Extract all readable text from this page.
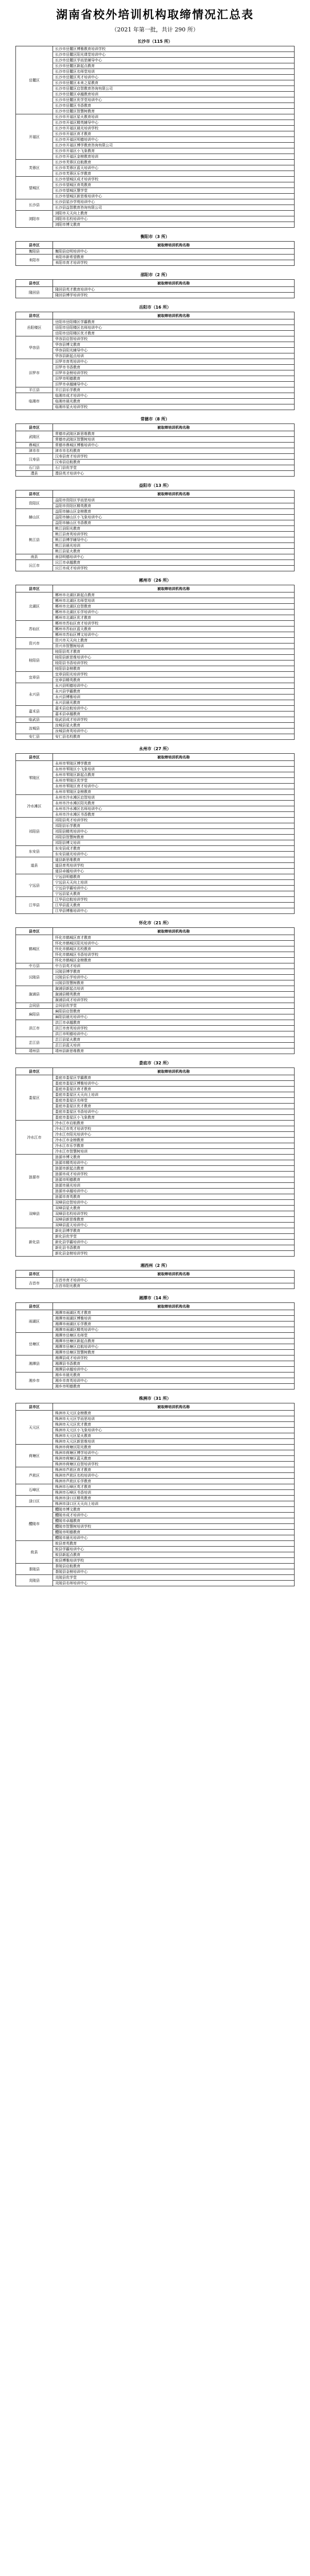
湖南省校外培训机构取缔情况汇总表
（2021 年第一批，共计 290 所）
长沙市（115 所）
岳麓区	长沙市岳麓区博雅教育培训学校
	长沙市岳麓区阳光课堂培训中心
	长沙市岳麓区学而思辅导中心
	长沙市岳麓区新起点教育
	长沙市岳麓区名师堂培训
	长沙市岳麓区英才培训中心
	长沙市岳麓区未来之星教育
	长沙市岳麓区启智教育咨询有限公司
	长沙市岳麓区卓越教育培训
	长沙市岳麓区优学堂培训中心
	长沙市岳麓区书香教育
	长沙市岳麓区智慧树教育
开福区	长沙市开福区星火教育培训
	长沙市开福区精英辅导中心
	长沙市开福区晨光培训学校
	长沙市开福区育才教育
	长沙市开福区明德培训中心
	长沙市开福区博学教育咨询有限公司
	长沙市开福区小飞象教育
	长沙市开福区金榜教育培训
芙蓉区	长沙市芙蓉区启航教育
	长沙市芙蓉区蓝天培训中心
	长沙市芙蓉区乐学教育
望城区	长沙市望城区成才培训学校
	长沙市望城区育英教育
	长沙市望城区慧学堂
	长沙市望城区新思维培训中心
长沙县	长沙县星沙学苑培训中心
	长沙县益智教育咨询有限公司
浏阳市	浏阳市天天向上教育
	浏阳市名校培训中心
	浏阳市博文教育
衡阳市（3 所）
县市区	被取缔培训机构名称
衡阳县	衡阳县启明培训中心
耒阳市	耒阳市新希望教育
	耒阳市育才培训学校
邵阳市（2 所）
县市区	被取缔培训机构名称
隆回县	隆回县英才教育培训中心
	隆回县博学培训学校
岳阳市（16 所）
县市区	被取缔培训机构名称
岳阳楼区	岳阳市岳阳楼区学霸教育
	岳阳市岳阳楼区名师培训中心
	岳阳市岳阳楼区优才教育
华容县	华容县启智培训学校
	华容县博文教育
	华容县阳光辅导中心
	华容县新起点培训
汨罗市	汨罗市育英培训中心
	汨罗市书香教育
	汨罗市金榜培训学校
	汨罗市明德教育
	汨罗市卓越辅导中心
平江县	平江县乐学教育
临湘市	临湘市成才培训中心
	临湘市晨光教育
	临湘市星火培训学校
常德市（8 所）
县市区	被取缔培训机构名称
武陵区	常德市武陵区新思维教育
	常德市武陵区智慧树培训
鼎城区	常德市鼎城区博雅培训中心
津市市	津市市名校教育
汉寿县	汉寿县育才培训学校
	汉寿县启航教育
石门县	石门县优学堂
澧县	澧县英才培训中心
益阳市（13 所）
县市区	被取缔培训机构名称
资阳区	益阳市资阳区学而思培训
	益阳市资阳区精英教育
赫山区	益阳市赫山区金榜教育
	益阳市赫山区小飞象培训中心
	益阳市赫山区书香教育
桃江县	桃江县阳光教育
	桃江县育英培训学校
	桃江县博学辅导中心
	桃江县晨光培训
	桃江县星火教育
南县	南县明德培训中心
沅江市	沅江市卓越教育
	沅江市成才培训学校
郴州市（26 所）
县市区	被取缔培训机构名称
北湖区	郴州市北湖区新起点教育
	郴州市北湖区名师堂培训
	郴州市北湖区启智教育
	郴州市北湖区乐学培训中心
	郴州市北湖区优才教育
苏仙区	郴州市苏仙区育才培训学校
	郴州市苏仙区蓝天教育
	郴州市苏仙区博文培训中心
资兴市	资兴市天天向上教育
	资兴市智慧树培训
桂阳县	桂阳县英才教育
	桂阳县新思维培训中心
	桂阳县书香培训学校
	桂阳县金榜教育
宜章县	宜章县阳光培训学校
	宜章县精英教育
永兴县	永兴县明德培训中心
	永兴县学霸教育
	永兴县博雅培训
	永兴县晨光教育
嘉禾县	嘉禾县启航培训中心
	嘉禾县卓越教育
临武县	临武县成才培训学校
汝城县	汝城县星火教育
	汝城县育英培训中心
安仁县	安仁县名校教育
永州市（27 所）
县市区	被取缔培训机构名称
零陵区	永州市零陵区博学教育
	永州市零陵区小飞象培训
	永州市零陵区新起点教育
	永州市零陵区优学堂
	永州市零陵区育才培训中心
	永州市零陵区金榜教育
冷水滩区	永州市冷水滩区启智培训
	永州市冷水滩区阳光教育
	永州市冷水滩区名师培训中心
	永州市冷水滩区书香教育
祁阳县	祁阳县英才培训学校
	祁阳县乐学教育
	祁阳县精英培训中心
	祁阳县智慧树教育
	祁阳县博文培训
东安县	东安县成才教育
	东安县晨光培训中心
道县	道县新思维教育
	道县育英培训学校
	道县卓越培训中心
宁远县	宁远县明德教育
	宁远县天天向上培训
	宁远县学霸培训中心
	宁远县星火教育
江华县	江华县启航培训学校
	江华县蓝天教育
	江华县博雅培训中心
怀化市（21 所）
县市区	被取缔培训机构名称
鹤城区	怀化市鹤城区育才教育
	怀化市鹤城区阳光培训中心
	怀化市鹤城区名校教育
	怀化市鹤城区书香培训学校
	怀化市鹤城区金榜教育
中方县	中方县英才培训
沅陵县	沅陵县博学教育
	沅陵县乐学培训中心
	沅陵县智慧树教育
溆浦县	溆浦县新起点培训
	溆浦县精英教育
	溆浦县成才培训学校
会同县	会同县优学堂
麻阳县	麻阳县启智教育
	麻阳县晨光培训中心
洪江市	洪江市卓越教育
	洪江市育英培训学校
	洪江市明德培训中心
芷江县	芷江县星火教育
	芷江县蓝天培训
靖州县	靖州县新思维教育
娄底市（32 所）
县市区	被取缔培训机构名称
娄星区	娄底市娄星区学霸教育
	娄底市娄星区博雅培训中心
	娄底市娄星区育才教育
	娄底市娄星区天天向上培训
	娄底市娄星区名师堂
	娄底市娄星区优才教育
	娄底市娄星区书香培训中心
	娄底市娄星区小飞象教育
冷水江市	冷水江市启航教育
	冷水江市英才培训学校
	冷水江市阳光培训中心
	冷水江市金榜教育
	冷水江市乐学教育
	冷水江市智慧树培训
涟源市	涟源市博文教育
	涟源市精英培训中心
	涟源市新起点教育
	涟源市成才培训学校
	涟源市明德教育
	涟源市晨光培训
	涟源市卓越培训中心
	涟源市育英教育
双峰县	双峰县启智培训中心
	双峰县星火教育
	双峰县名校培训学校
	双峰县新思维教育
	双峰县蓝天培训中心
新化县	新化县博学教育
	新化县优学堂
	新化县学霸培训中心
	新化县书香教育
	新化县金榜培训学校
湘西州（2 所）
县市区	被取缔培训机构名称
吉首市	吉首市育才培训中心
	吉首市阳光教育
湘潭市（14 所）
县市区	被取缔培训机构名称
雨湖区	湘潭市雨湖区英才教育
	湘潭市雨湖区博雅培训
	湘潭市雨湖区乐学教育
	湘潭市雨湖区精英培训中心
岳塘区	湘潭市岳塘区名师堂
	湘潭市岳塘区新起点教育
	湘潭市岳塘区启航培训中心
	湘潭市岳塘区智慧树教育
湘潭县	湘潭县成才培训学校
	湘潭县书香教育
	湘潭县卓越培训中心
湘乡市	湘乡市晨光教育
	湘乡市育英培训中心
	湘乡市明德教育
株洲市（31 所）
县市区	被取缔培训机构名称
天元区	株洲市天元区金榜教育
	株洲市天元区学而思培训
	株洲市天元区优才教育
	株洲市天元区小飞象培训中心
	株洲市天元区星火教育
	株洲市天元区新思维培训
荷塘区	株洲市荷塘区阳光教育
	株洲市荷塘区博学培训中心
	株洲市荷塘区蓝天教育
	株洲市荷塘区启智培训学校
芦淞区	株洲市芦淞区育才教育
	株洲市芦淞区名校培训中心
	株洲市芦淞区乐学教育
石峰区	株洲市石峰区英才教育
	株洲市石峰区书香培训
渌口区	株洲市渌口区精英教育
	株洲市渌口区天天向上培训
醴陵市	醴陵市博文教育
	醴陵市成才培训中心
	醴陵市卓越教育
	醴陵市智慧树培训学校
	醴陵市明德教育
	醴陵市晨光培训中心
攸县	攸县育英教育
	攸县学霸培训中心
	攸县新起点教育
	攸县博雅培训学校
茶陵县	茶陵县启航教育
	茶陵县金榜培训中心
炎陵县	炎陵县优学堂
	炎陵县名师培训中心
